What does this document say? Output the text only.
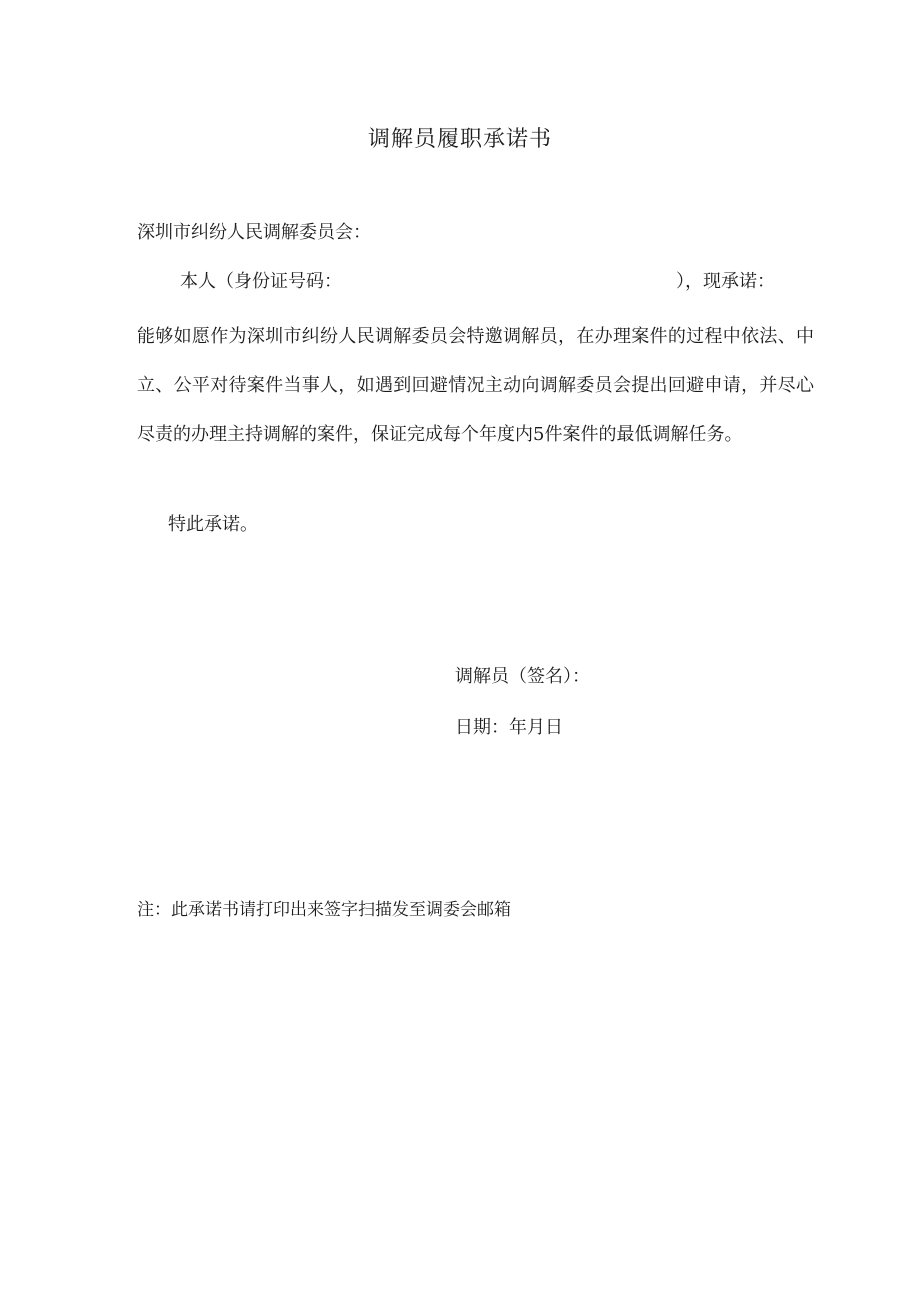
调解员履职承诺书

深圳市纠纷人民调解委员会：

本人（身份证号码：	），现承诺：

能够如愿作为深圳市纠纷人民调解委员会特邀调解员，在办理案件的过程中依法、中立、公平对待案件当事人，如遇到回避情况主动向调解委员会提出回避申请，并尽心尽责的办理主持调解的案件，保证完成每个年度内5件案件的最低调解任务。

特此承诺。

调解员（签名）：

日期：年月日

注：此承诺书请打印出来签字扫描发至调委会邮箱
